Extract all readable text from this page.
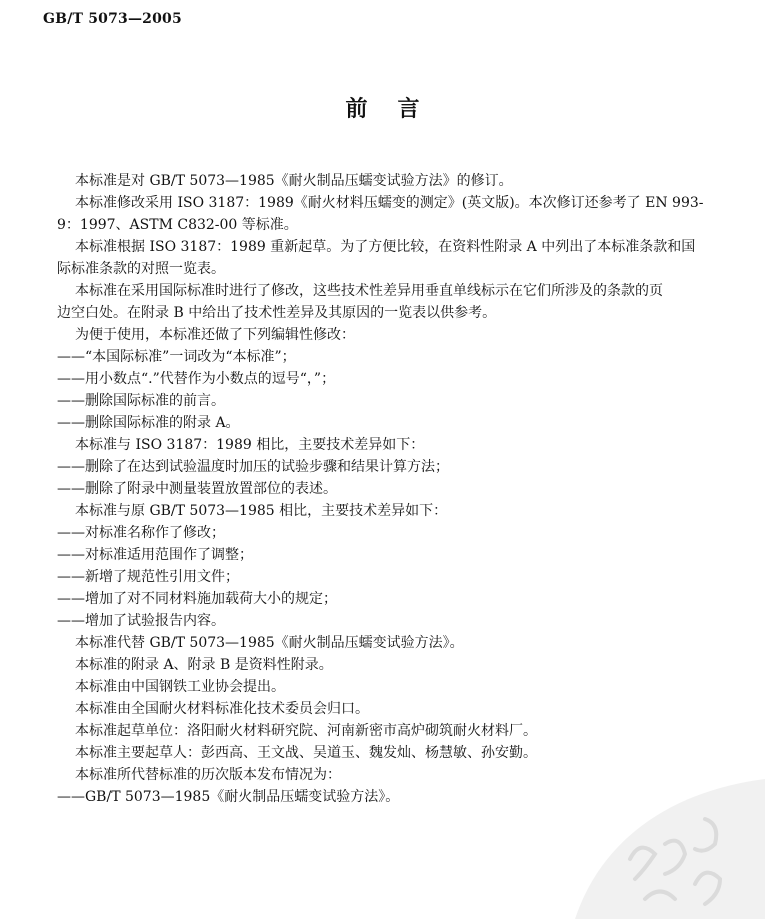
GB/T 5073—2005
前言
本标准是对 GB/T 5073—1985《耐火制品压蠕变试验方法》的修订。
本标准修改采用 ISO 3187：1989《耐火材料压蠕变的测定》(英文版)。本次修订还参考了 EN 993-
9：1997、ASTM C832-00 等标准。
本标准根据 ISO 3187：1989 重新起草。为了方便比较，在资料性附录 A 中列出了本标准条款和国
际标准条款的对照一览表。
本标准在采用国际标准时进行了修改，这些技术性差异用垂直单线标示在它们所涉及的条款的页
边空白处。在附录 B 中给出了技术性差异及其原因的一览表以供参考。
为便于使用，本标准还做了下列编辑性修改：
——“本国际标准”一词改为“本标准”；
——用小数点“.”代替作为小数点的逗号“，”；
——删除国际标准的前言。
——删除国际标准的附录 A。
本标准与 ISO 3187：1989 相比，主要技术差异如下：
——删除了在达到试验温度时加压的试验步骤和结果计算方法；
——删除了附录中测量装置放置部位的表述。
本标准与原 GB/T 5073—1985 相比，主要技术差异如下：
——对标准名称作了修改；
——对标准适用范围作了调整；
——新增了规范性引用文件；
——增加了对不同材料施加载荷大小的规定；
——增加了试验报告内容。
本标准代替 GB/T 5073—1985《耐火制品压蠕变试验方法》。
本标准的附录 A、附录 B 是资料性附录。
本标准由中国钢铁工业协会提出。
本标准由全国耐火材料标准化技术委员会归口。
本标准起草单位：洛阳耐火材料研究院、河南新密市高炉砌筑耐火材料厂。
本标准主要起草人：彭西高、王文战、吴道玉、魏发灿、杨慧敏、孙安勤。
本标准所代替标准的历次版本发布情况为：
——GB/T 5073—1985《耐火制品压蠕变试验方法》。
